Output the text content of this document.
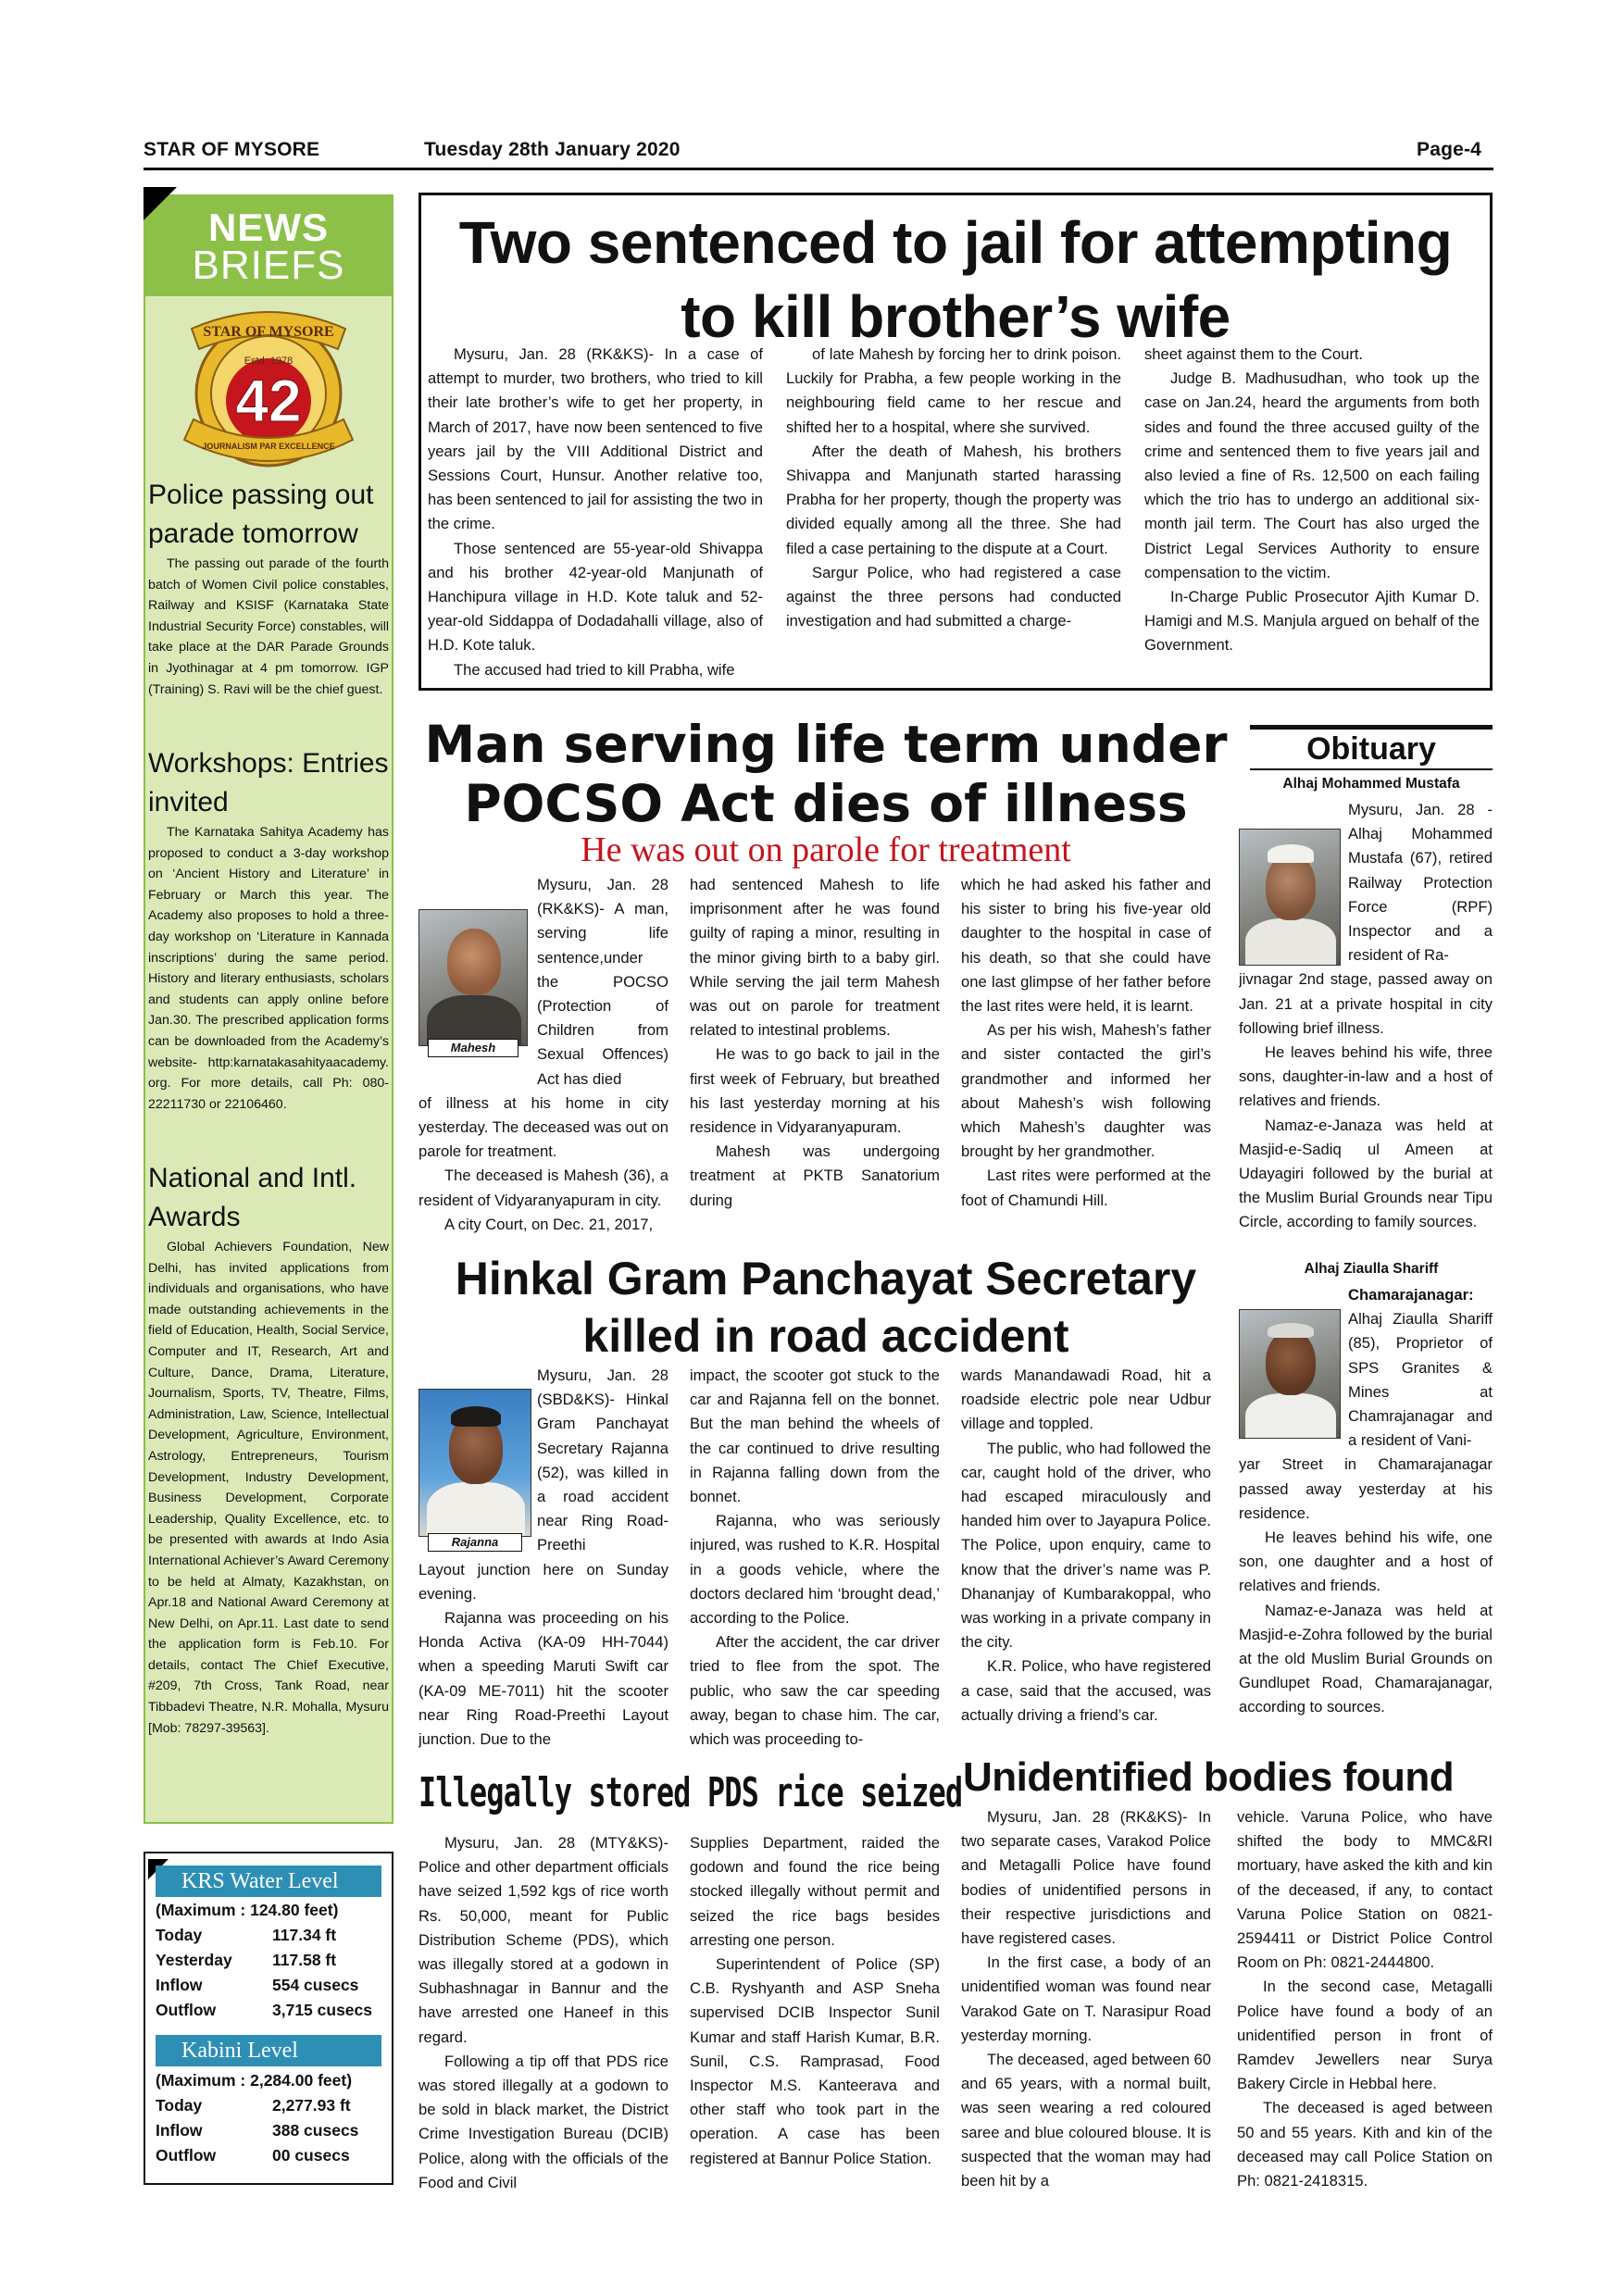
STAR OF MYSORE	Tuesday 28th January 2020	Page-4
NEWS
BRIEFS
STAR OF MYSORE
Estd. 1978
42
JOURNALISM PAR EXCELLENCE
Police passing out parade tomorrow
The passing out parade of the fourth batch of Women Civil police constables, Railway and KSISF (Karnataka State Industrial Security Force) constables, will take place at the DAR Parade Grounds in Jyothinagar at 4 pm tomorrow. IGP (Training) S. Ravi will be the chief guest.
Workshops: Entries invited
The Karnataka Sahitya Academy has proposed to conduct a 3-day workshop on ‘Ancient History and Literature’ in February or March this year. The Academy also proposes to hold a three-day workshop on ‘Literature in Kannada inscriptions’ during the same period. History and literary enthusiasts, scholars and students can apply online before Jan.30. The prescribed application forms can be downloaded from the Academy’s website- http:karnatakasahityaacademy. org. For more details, call Ph: 080-22211730 or 22106460.
National and Intl. Awards
Global Achievers Foundation, New Delhi, has invited applications from individuals and organisations, who have made outstanding achievements in the field of Education, Health, Social Service, Computer and IT, Research, Art and Culture, Dance, Drama, Literature, Journalism, Sports, TV, Theatre, Films, Administration, Law, Science, Intellectual Development, Agriculture, Environment, Astrology, Entrepreneurs, Tourism Development, Industry Development, Business Development, Corporate Leadership, Quality Excellence, etc. to be presented with awards at Indo Asia International Achiever’s Award Ceremony to be held at Almaty, Kazakhstan, on Apr.18 and National Award Ceremony at New Delhi, on Apr.11. Last date to send the application form is Feb.10. For details, contact The Chief Executive, #209, 7th Cross, Tank Road, near Tibbadevi Theatre, N.R. Mohalla, Mysuru [Mob: 78297-39563].
KRS Water Level
(Maximum : 124.80 feet)
Today	117.34 ft
Yesterday 117.58 ft
Inflow	554 cusecs
Outflow	3,715 cusecs
Kabini Level
(Maximum : 2,284.00 feet)
Today	2,277.93 ft
Inflow	388 cusecs
Outflow	00 cusecs
Two sentenced to jail for attempting
to kill brother’s wife

Mysuru, Jan. 28 (RK&KS)- In a case of attempt to murder, two brothers, who tried to kill their late brother’s wife to get her property, in March of 2017, have now been sentenced to five years jail by the VIII Additional District and Sessions Court, Hunsur. Another relative too, has been sentenced to jail for assisting the two in the crime.

Those sentenced are 55-year-old Shivappa and his brother 42-year-old Manjunath of Hanchipura village in H.D. Kote taluk and 52-year-old Siddappa of Dodadahalli village, also of H.D. Kote taluk.

The accused had tried to kill Prabha, wife

of late Mahesh by forcing her to drink poison. Luckily for Prabha, a few people working in the neighbouring field came to her rescue and shifted her to a hospital, where she survived.

After the death of Mahesh, his brothers Shivappa and Manjunath started harassing Prabha for her property, though the property was divided equally among all the three. She had filed a case pertaining to the dispute at a Court.

Sargur Police, who had registered a case against the three persons had conducted investigation and had submitted a charge-

sheet against them to the Court.

Judge B. Madhusudhan, who took up the case on Jan.24, heard the arguments from both sides and found the three accused guilty of the crime and sentenced them to five years jail and also levied a fine of Rs. 12,500 on each failing which the trio has to undergo an additional six-month jail term. The Court has also urged the District Legal Services Authority to ensure compensation to the victim.

In-Charge Public Prosecutor Ajith Kumar D. Hamigi and M.S. Manjula argued on behalf of the Government.

Man serving life term under
POCSO Act dies of illness
He was out on parole for treatment
Mahesh

Mysuru, Jan. 28 (RK&KS)- A man, serving life sentence,under the POCSO (Protection of Children from Sexual Offences) Act has died

of illness at his home in city yesterday. The deceased was out on parole for treatment.

The deceased is Mahesh (36), a resident of Vidyaranyapuram in city.

A city Court, on Dec. 21, 2017,

had sentenced Mahesh to life imprisonment after he was found guilty of raping a minor, resulting in the minor giving birth to a baby girl. While serving the jail term Mahesh was out on parole for treatment related to intestinal problems.

He was to go back to jail in the first week of February, but breathed his last yesterday morning at his residence in Vidyaranyapuram.

Mahesh was undergoing treatment at PKTB Sanatorium during

which he had asked his father and his sister to bring his five-year old daughter to the hospital in case of his death, so that she could have one last glimpse of her father before the last rites were held, it is learnt.

As per his wish, Mahesh’s father and sister contacted the girl’s grandmother and informed her about Mahesh’s wish following which Mahesh’s daughter was brought by her grandmother.

Last rites were performed at the foot of Chamundi Hill.

Obituary
Alhaj Mohammed Mustafa

Mysuru, Jan. 28 - Alhaj Mohammed Mustafa (67), retired Railway Protection Force (RPF) Inspector and a resident of Ra-

jivnagar 2nd stage, passed away on Jan. 21 at a private hospital in city following brief illness.

He leaves behind his wife, three sons, daughter-in-law and a host of relatives and friends.

Namaz-e-Janaza was held at Masjid-e-Sadiq ul Ameen at Udayagiri followed by the burial at the Muslim Burial Grounds near Tipu Circle, according to family sources.

Alhaj Ziaulla Shariff

Chamarajanagar: Alhaj Ziaulla Shariff (85), Proprietor of SPS Granites & Mines at Chamrajanagar and a resident of Vani-

yar Street in Chamarajanagar passed away yesterday at his residence.

He leaves behind his wife, one son, one daughter and a host of relatives and friends.

Namaz-e-Janaza was held at Masjid-e-Zohra followed by the burial at the old Muslim Burial Grounds on Gundlupet Road, Chamarajanagar, according to sources.

Hinkal Gram Panchayat Secretary
killed in road accident
Rajanna

Mysuru, Jan. 28 (SBD&KS)- Hinkal Gram Panchayat Secretary Rajanna (52), was killed in a road accident near Ring Road-Preethi

Layout junction here on Sunday evening.

Rajanna was proceeding on his Honda Activa (KA-09 HH-7044) when a speeding Maruti Swift car (KA-09 ME-7011) hit the scooter near Ring Road-Preethi Layout junction. Due to the

impact, the scooter got stuck to the car and Rajanna fell on the bonnet. But the man behind the wheels of the car continued to drive resulting in Rajanna falling down from the bonnet.

Rajanna, who was seriously injured, was rushed to K.R. Hospital in a goods vehicle, where the doctors declared him ‘brought dead,’ according to the Police.

After the accident, the car driver tried to flee from the spot. The public, who saw the car speeding away, began to chase him. The car, which was proceeding to-

wards Manandawadi Road, hit a roadside electric pole near Udbur village and toppled.

The public, who had followed the car, caught hold of the driver, who had escaped miraculously and handed him over to Jayapura Police. The Police, upon enquiry, came to know that the driver’s name was P. Dhananjay of Kumbarakoppal, who was working in a private company in the city.

K.R. Police, who have registered a case, said that the accused, was actually driving a friend’s car.

Illegally stored PDS rice seized

Mysuru, Jan. 28 (MTY&KS)- Police and other department officials have seized 1,592 kgs of rice worth Rs. 50,000, meant for Public Distribution Scheme (PDS), which was illegally stored at a godown in Subhashnagar in Bannur and the have arrested one Haneef in this regard.

Following a tip off that PDS rice was stored illegally at a godown to be sold in black market, the District Crime Investigation Bureau (DCIB) Police, along with the officials of the Food and Civil

Supplies Department, raided the godown and found the rice being stocked illegally without permit and seized the rice bags besides arresting one person.

Superintendent of Police (SP) C.B. Ryshyanth and ASP Sneha supervised DCIB Inspector Sunil Kumar and staff Harish Kumar, B.R. Sunil, C.S. Ramprasad, Food Inspector M.S. Kanteerava and other staff who took part in the operation. A case has been registered at Bannur Police Station.

Unidentified bodies found

Mysuru, Jan. 28 (RK&KS)- In two separate cases, Varakod Police and Metagalli Police have found bodies of unidentified persons in their respective jurisdictions and have registered cases.

In the first case, a body of an unidentified woman was found near Varakod Gate on T. Narasipur Road yesterday morning.

The deceased, aged between 60 and 65 years, with a normal built, was seen wearing a red coloured saree and blue coloured blouse. It is suspected that the woman may had been hit by a

vehicle. Varuna Police, who have shifted the body to MMC&RI mortuary, have asked the kith and kin of the deceased, if any, to contact Varuna Police Station on 0821-2594411 or District Police Control Room on Ph: 0821-2444800.

In the second case, Metagalli Police have found a body of an unidentified person in front of Ramdev Jewellers near Surya Bakery Circle in Hebbal here.

The deceased is aged between 50 and 55 years. Kith and kin of the deceased may call Police Station on Ph: 0821-2418315.
